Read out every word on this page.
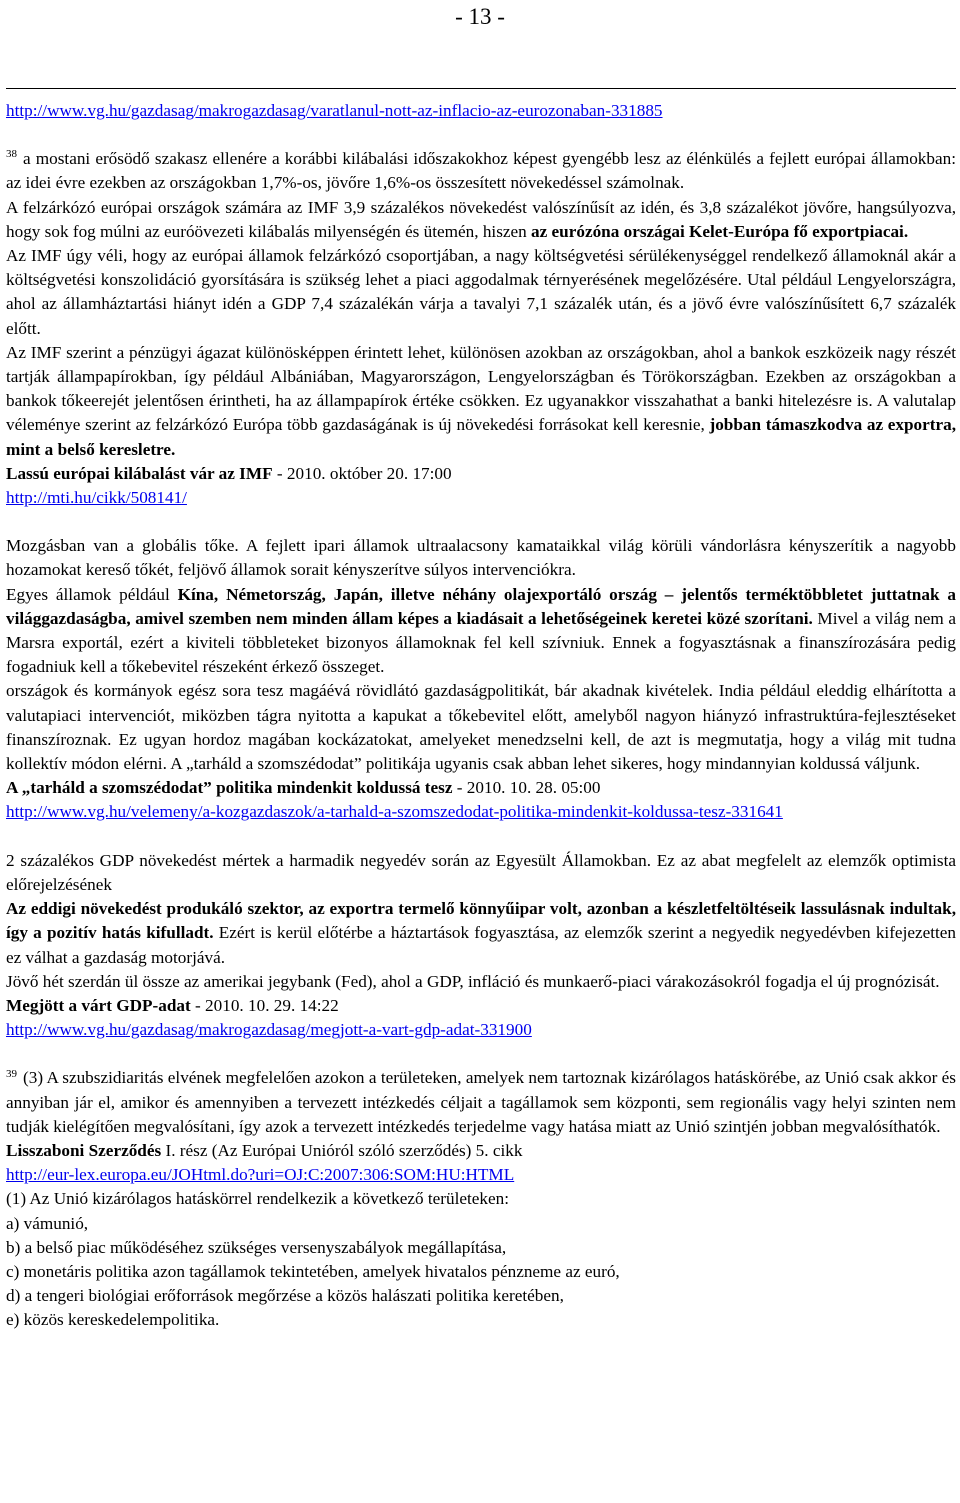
- 13 -

http://www.vg.hu/gazdasag/makrogazdasag/varatlanul-nott-az-inflacio-az-eurozonaban-331885

$^{38}$ a mostani erősödő szakasz ellenére a korábbi kilábalási időszakokhoz képest gyengébb lesz az élénkülés a fejlett európai államokban: az idei évre ezekben az országokban 1,7%-os, jövőre 1,6%-os összesített növekedéssel számolnak.

A felzárkózó európai országok számára az IMF 3,9 százalékos növekedést valószínűsít az idén, és 3,8 százalékot jövőre, hangsúlyozva, hogy sok fog múlni az euróövezeti kilábalás milyenségén és ütemén, hiszen az eurózóna országai Kelet-Európa fő exportpiacai.

Az IMF úgy véli, hogy az európai államok felzárkózó csoportjában, a nagy költségvetési sérülékenységgel rendelkező államoknál akár a költségvetési konszolidáció gyorsítására is szükség lehet a piaci aggodalmak térnyerésének megelőzésére. Utal például Lengyelországra, ahol az államháztartási hiányt idén a GDP 7,4 százalékán várja a tavalyi 7,1 százalék után, és a jövő évre valószínűsített 6,7 százalék előtt.

Az IMF szerint a pénzügyi ágazat különösképpen érintett lehet, különösen azokban az országokban, ahol a bankok eszközeik nagy részét tartják állampapírokban, így például Albániában, Magyarországon, Lengyelországban és Törökországban. Ezekben az országokban a bankok tőkeerejét jelentősen érintheti, ha az állampapírok értéke csökken. Ez ugyanakkor visszahathat a banki hitelezésre is. A valutalap véleménye szerint az felzárkózó Európa több gazdaságának is új növekedési forrásokat kell keresnie, jobban támaszkodva az exportra, mint a belső keresletre.

Lassú európai kilábalást vár az IMF - 2010. október 20. 17:00

http://mti.hu/cikk/508141/

Mozgásban van a globális tőke. A fejlett ipari államok ultraalacsony kamataikkal világ körüli vándorlásra kényszerítik a nagyobb hozamokat kereső tőkét, feljövő államok sorait kényszerítve súlyos intervenciókra.

Egyes államok például Kína, Németország, Japán, illetve néhány olajexportáló ország – jelentős terméktöbbletet juttatnak a világgazdaságba, amivel szemben nem minden állam képes a kiadásait a lehetőségeinek keretei közé szorítani. Mivel a világ nem a Marsra exportál, ezért a kiviteli többleteket bizonyos államoknak fel kell szívniuk. Ennek a fogyasztásnak a finanszírozására pedig fogadniuk kell a tőkebevitel részeként érkező összeget.

országok és kormányok egész sora tesz magáévá rövidlátó gazdaságpolitikát, bár akadnak kivételek. India például eleddig elhárította a valutapiaci intervenciót, miközben tágra nyitotta a kapukat a tőkebevitel előtt, amelyből nagyon hiányzó infrastruktúra-fejlesztéseket finanszíroznak. Ez ugyan hordoz magában kockázatokat, amelyeket menedzselni kell, de azt is megmutatja, hogy a világ mit tudna kollektív módon elérni. A „tarháld a szomszédodat” politikája ugyanis csak abban lehet sikeres, hogy mindannyian koldussá váljunk.

A „tarháld a szomszédodat” politika mindenkit koldussá tesz - 2010. 10. 28. 05:00

http://www.vg.hu/velemeny/a-kozgazdaszok/a-tarhald-a-szomszedodat-politika-mindenkit-koldussa-tesz-331641

2 százalékos GDP növekedést mértek a harmadik negyedév során az Egyesült Államokban. Ez az abat megfelelt az elemzők optimista előrejelzésének

Az eddigi növekedést produkáló szektor, az exportra termelő könnyűipar volt, azonban a készletfeltöltéseik lassulásnak indultak, így a pozitív hatás kifulladt. Ezért is kerül előtérbe a háztartások fogyasztása, az elemzők szerint a negyedik negyedévben kifejezetten ez válhat a gazdaság motorjává.

Jövő hét szerdán ül össze az amerikai jegybank (Fed), ahol a GDP, infláció és munkaerő-piaci várakozásokról fogadja el új prognózisát.

Megjött a várt GDP-adat - 2010. 10. 29. 14:22

http://www.vg.hu/gazdasag/makrogazdasag/megjott-a-vart-gdp-adat-331900

$^{39}$ (3) A szubszidiaritás elvének megfelelően azokon a területeken, amelyek nem tartoznak kizárólagos hatáskörébe, az Unió csak akkor és annyiban jár el, amikor és amennyiben a tervezett intézkedés céljait a tagállamok sem központi, sem regionális vagy helyi szinten nem tudják kielégítően megvalósítani, így azok a tervezett intézkedés terjedelme vagy hatása miatt az Unió szintjén jobban megvalósíthatók.

Lisszaboni Szerződés I. rész (Az Európai Unióról szóló szerződés) 5. cikk

http://eur-lex.europa.eu/JOHtml.do?uri=OJ:C:2007:306:SOM:HU:HTML

(1) Az Unió kizárólagos hatáskörrel rendelkezik a következő területeken:

a) vámunió,

b) a belső piac működéséhez szükséges versenyszabályok megállapítása,

c) monetáris politika azon tagállamok tekintetében, amelyek hivatalos pénzneme az euró,

d) a tengeri biológiai erőforrások megőrzése a közös halászati politika keretében,

e) közös kereskedelempolitika.
